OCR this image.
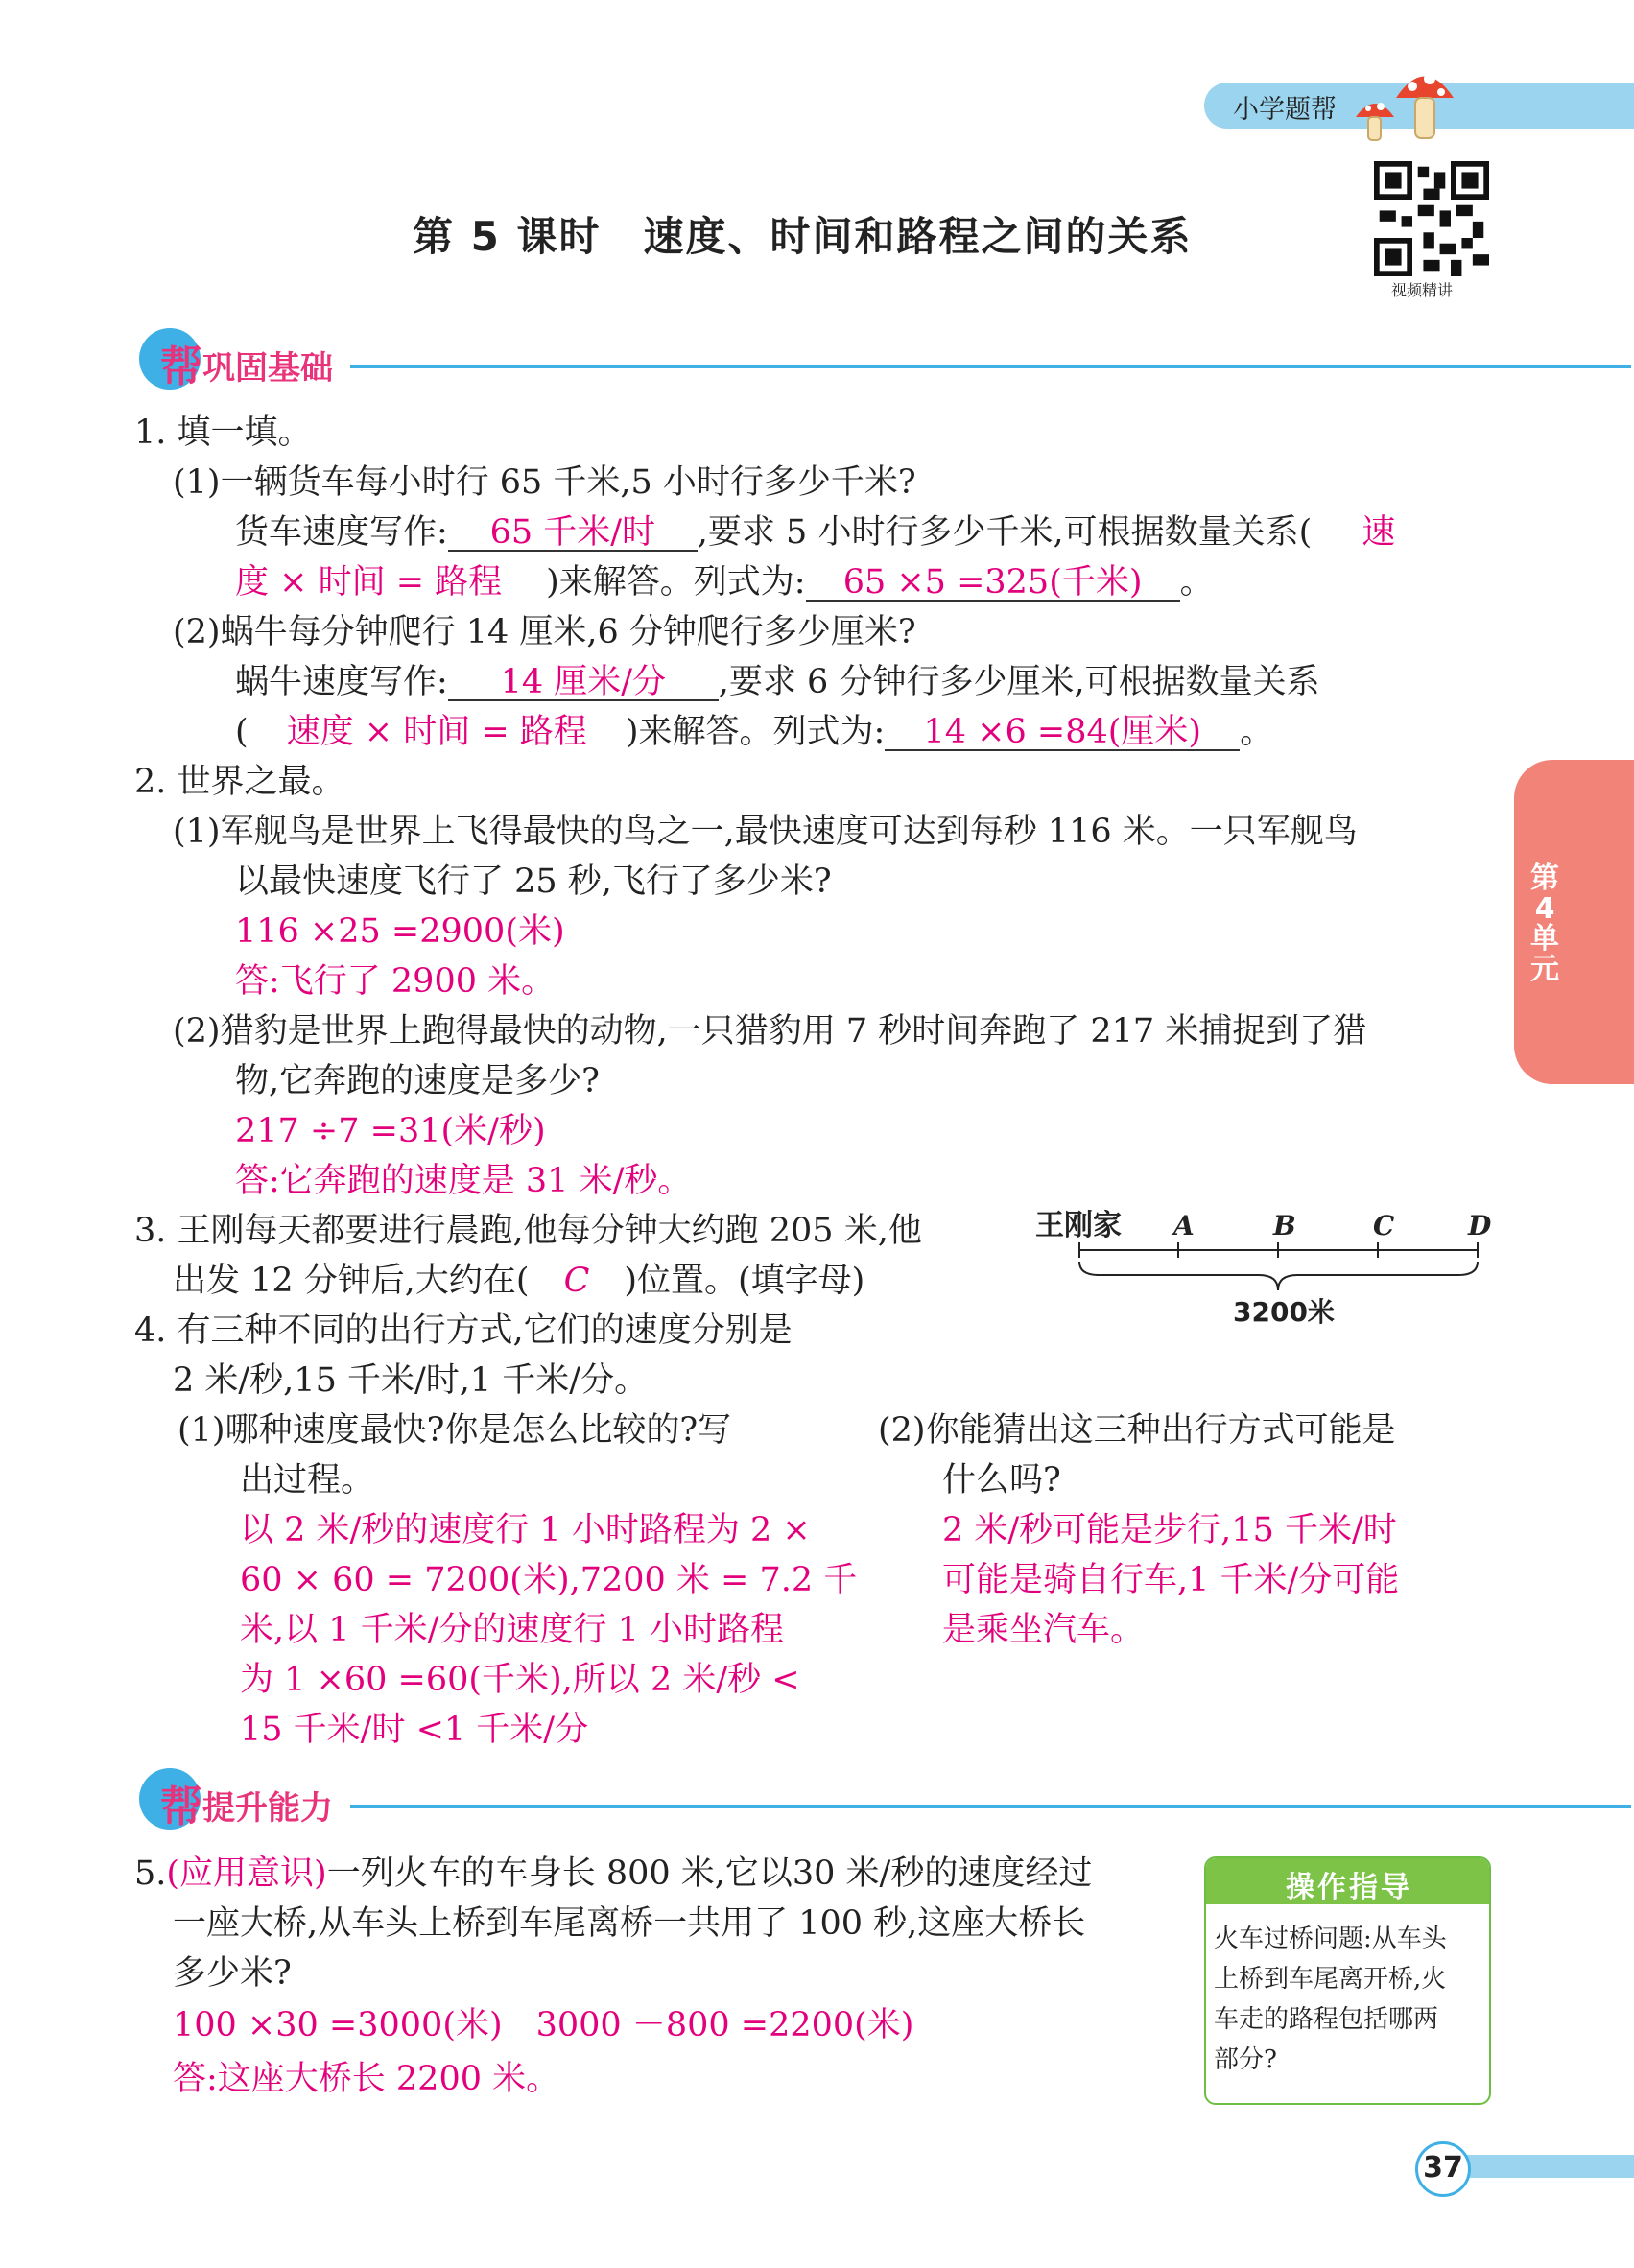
小学题帮
视频精讲
第 5 课时　速度、时间和路程之间的关系
帮 巩固基础
1. 填一填。
(1)一辆货车每小时行 65 千米,5 小时行多少千米?
货车速度写作: 65 千米/时 ,要求 5 小时行多少千米,可根据数量关系( 速
度 × 时间 = 路程 )来解答。列式为: 65 ×5 =325(千米) 。
(2)蜗牛每分钟爬行 14 厘米,6 分钟爬行多少厘米?
蜗牛速度写作: 14 厘米/分 ,要求 6 分钟行多少厘米,可根据数量关系
( 速度 × 时间 = 路程 )来解答。列式为: 14 ×6 =84(厘米) 。
2. 世界之最。
(1)军舰鸟是世界上飞得最快的鸟之一,最快速度可达到每秒 116 米。一只军舰鸟
以最快速度飞行了 25 秒,飞行了多少米?
116 ×25 =2900(米)
答:飞行了 2900 米。
(2)猎豹是世界上跑得最快的动物,一只猎豹用 7 秒时间奔跑了 217 米捕捉到了猎
物,它奔跑的速度是多少?
217 ÷7 =31(米/秒)
答:它奔跑的速度是 31 米/秒。
第4单元
3. 王刚每天都要进行晨跑,他每分钟大约跑 205 米,他
出发 12 分钟后,大约在( C )位置。(填字母)
王刚家 A	B	C	D
3200米
4. 有三种不同的出行方式,它们的速度分别是
2 米/秒,15 千米/时,1 千米/分。
(1)哪种速度最快?你是怎么比较的?写
出过程。
以 2 米/秒的速度行 1 小时路程为 2 ×
60 × 60 = 7200(米),7200 米 = 7.2 千
米,以 1 千米/分的速度行 1 小时路程
为 1 ×60 =60(千米),所以 2 米/秒 <
15 千米/时 <1 千米/分
(2)你能猜出这三种出行方式可能是
什么吗?
2 米/秒可能是步行,15 千米/时
可能是骑自行车,1 千米/分可能
是乘坐汽车。
帮 提升能力
5.(应用意识)一列火车的车身长 800 米,它以30 米/秒的速度经过
一座大桥,从车头上桥到车尾离桥一共用了 100 秒,这座大桥长
多少米?
100 ×30 =3000(米)　3000 －800 =2200(米)
答:这座大桥长 2200 米。
操作指导
火车过桥问题:从车头
上桥到车尾离开桥,火
车走的路程包括哪两
部分?
37
